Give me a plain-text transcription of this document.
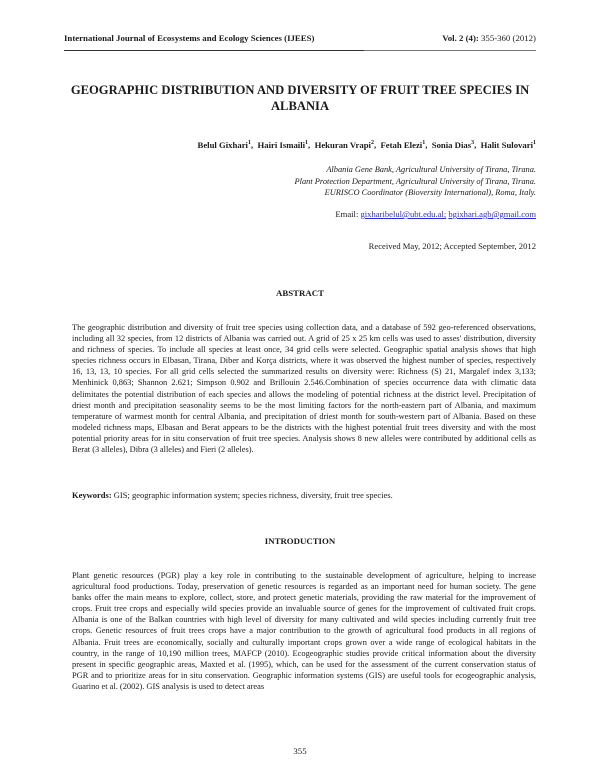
International Journal of Ecosystems and Ecology Sciences (IJEES)	Vol. 2 (4): 355-360 (2012)
GEOGRAPHIC DISTRIBUTION AND DIVERSITY OF FRUIT TREE SPECIES IN ALBANIA
Belul Gixhari$^1$,  Hairi Ismaili$^1$,  Hekuran Vrapi$^2$,  Fetah Elezi$^1$,  Sonia Dias$^3$,  Halit Sulovari$^1$
Albania Gene Bank, Agricultural University of Tirana, Tirana.
Plant Protection Department, Agricultural University of Tirana, Tirana.
EURISCO Coordinator (Bioversity International), Roma, Italy.
Email: gixharibelul@ubt.edu.al; bgixhari.agb@gmail.com
Received May, 2012; Accepted September, 2012
ABSTRACT
The geographic distribution and diversity of fruit tree species using collection data, and a database of 592 geo-referenced observations, including all 32 species, from 12 districts of Albania was carried out. A grid of 25 x 25 km cells was used to asses' distribution, diversity and richness of species. To include all species at least once, 34 grid cells were selected. Geographic spatial analysis shows that high species richness occurs in Elbasan, Tirana, Diber and Korça districts, where it was observed the highest number of species, respectively 16, 13, 13, 10 species. For all grid cells selected the summarized results on diversity were: Richness (S) 21, Margalef index 3,133; Menhinick 0,863; Shannon 2.621; Simpson 0.902 and Brillouin 2.546.Combination of species occurrence data with climatic data delimitates the potential distribution of each species and allows the modeling of potential richness at the district level. Precipitation of driest month and precipitation seasonality seems to be the most limiting factors for the north-eastern part of Albania, and maximum temperature of warmest month for central Albania, and precipitation of driest month for south-western part of Albania. Based on these modeled richness maps, Elbasan and Berat appears to be the districts with the highest potential fruit trees diversity and with the most potential priority areas for in situ conservation of fruit tree species. Analysis shows 8 new alleles were contributed by additional cells as Berat (3 alleles), Dibra (3 alleles) and Fieri (2 alleles).
Keywords: GIS; geographic information system; species richness, diversity, fruit tree species.
INTRODUCTION
Plant genetic resources (PGR) play a key role in contributing to the sustainable development of agriculture, helping to increase agricultural food productions. Today, preservation of genetic resources is regarded as an important need for human society. The gene banks offer the main means to explore, collect, store, and protect genetic materials, providing the raw material for the improvement of crops. Fruit tree crops and especially wild species provide an invaluable source of genes for the improvement of cultivated fruit crops. Albania is one of the Balkan countries with high level of diversity for many cultivated and wild species including currently fruit tree crops. Genetic resources of fruit trees crops have a major contribution to the growth of agricultural food products in all regions of Albania. Fruit trees are economically, socially and culturally important crops grown over a wide range of ecological habitats in the country, in the range of 10,190 million trees, MAFCP (2010). Ecogeographic studies provide critical information about the diversity present in specific geographic areas, Maxted et al. (1995), which, can be used for the assessment of the current conservation status of PGR and to prioritize areas for in situ conservation. Geographic information systems (GIS) are useful tools for ecogeographic analysis, Guarino et al. (2002). GIS analysis is used to detect areas
355
